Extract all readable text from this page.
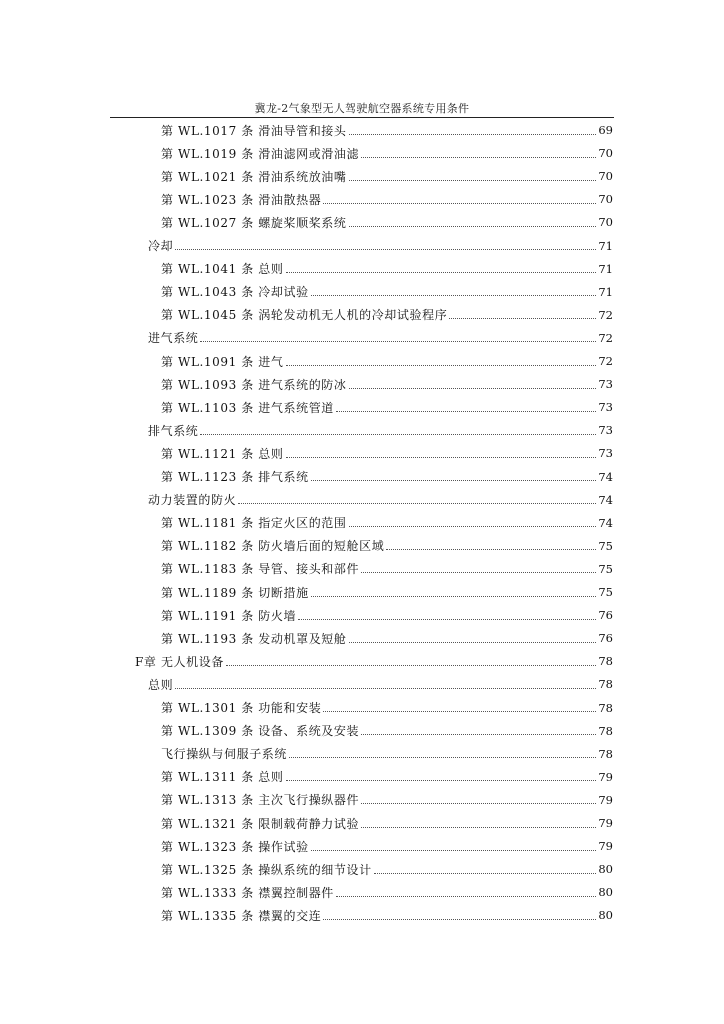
冀龙-2气象型无人驾驶航空器系统专用条件
第 WL.1017 条 滑油导管和接头	69
第 WL.1019 条 滑油滤网或滑油滤	70
第 WL.1021 条 滑油系统放油嘴	70
第 WL.1023 条 滑油散热器	70
第 WL.1027 条 螺旋桨顺桨系统	70
冷却	71
第 WL.1041 条 总则	71
第 WL.1043 条 冷却试验	71
第 WL.1045 条 涡轮发动机无人机的冷却试验程序	72
进气系统	72
第 WL.1091 条 进气	72
第 WL.1093 条 进气系统的防冰	73
第 WL.1103 条 进气系统管道	73
排气系统	73
第 WL.1121 条 总则	73
第 WL.1123 条 排气系统	74
动力装置的防火	74
第 WL.1181 条 指定火区的范围	74
第 WL.1182 条 防火墙后面的短舱区域	75
第 WL.1183 条 导管、接头和部件	75
第 WL.1189 条 切断措施	75
第 WL.1191 条 防火墙	76
第 WL.1193 条 发动机罩及短舱	76
F章 无人机设备	78
总则	78
第 WL.1301 条 功能和安装	78
第 WL.1309 条 设备、系统及安装	78
飞行操纵与伺服子系统	78
第 WL.1311 条 总则	79
第 WL.1313 条 主次飞行操纵器件	79
第 WL.1321 条 限制载荷静力试验	79
第 WL.1323 条 操作试验	79
第 WL.1325 条 操纵系统的细节设计	80
第 WL.1333 条 襟翼控制器件	80
第 WL.1335 条 襟翼的交连	80
